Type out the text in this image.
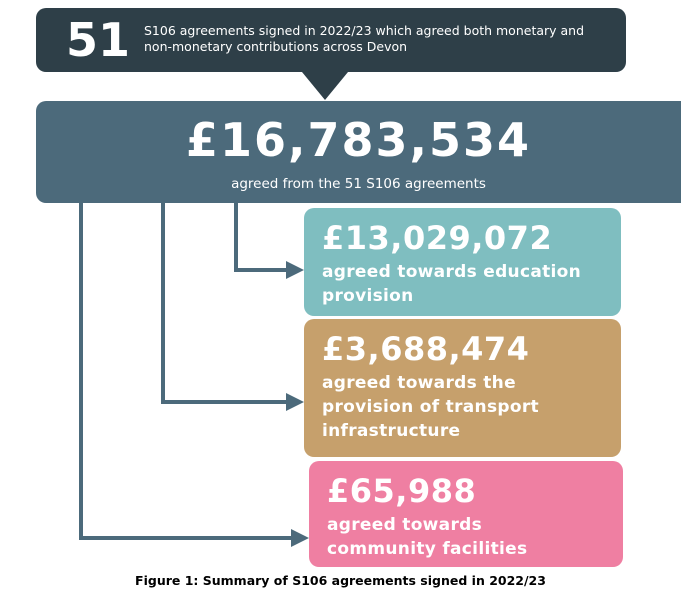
51 S106 agreements signed in 2022/23 which agreed both monetary and non-monetary contributions across Devon
£16,783,534
agreed from the 51 S106 agreements
£13,029,072
agreed towards education provision
£3,688,474
agreed towards the provision of transport infrastructure
£65,988
agreed towards community facilities
Figure 1: Summary of S106 agreements signed in 2022/23
